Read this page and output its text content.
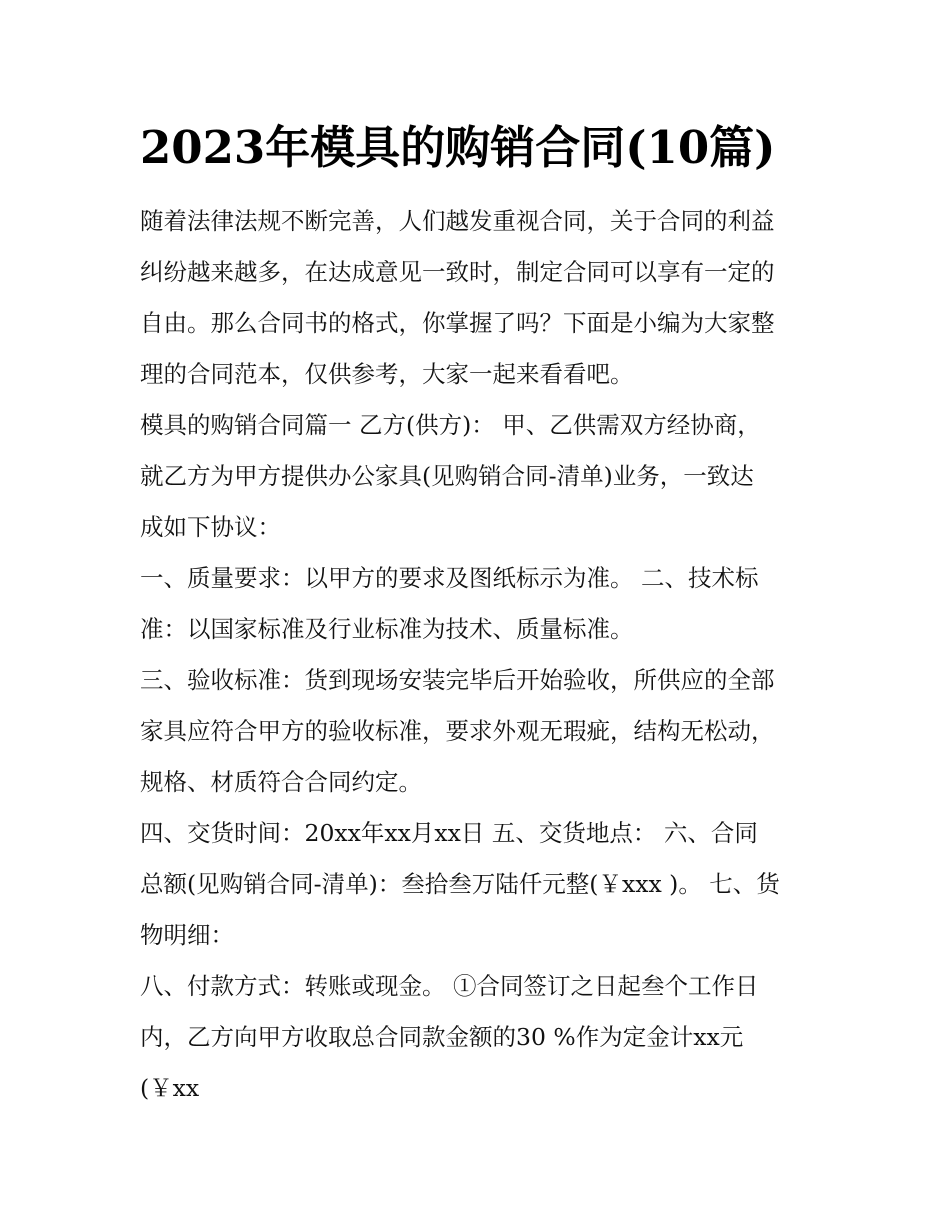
2023年模具的购销合同(10篇)

随着法律法规不断完善，人们越发重视合同，关于合同的利益
纠纷越来越多，在达成意见一致时，制定合同可以享有一定的
自由。那么合同书的格式，你掌握了吗？下面是小编为大家整
理的合同范本，仅供参考，大家一起来看看吧。

模具的购销合同篇一 乙方(供方)： 甲、乙供需双方经协商，
就乙方为甲方提供办公家具(见购销合同-清单)业务，一致达
成如下协议：

一、质量要求：以甲方的要求及图纸标示为准。 二、技术标
准：以国家标准及行业标准为技术、质量标准。

三、验收标准：货到现场安装完毕后开始验收，所供应的全部
家具应符合甲方的验收标准，要求外观无瑕疵，结构无松动，
规格、材质符合合同约定。

四、交货时间：20xx年xx月xx日 五、交货地点： 六、合同
总额(见购销合同-清单)：叁拾叁万陆仟元整(￥xxx )。 七、货
物明细：

八、付款方式：转账或现金。 ①合同签订之日起叁个工作日
内，乙方向甲方收取总合同款金额的30 %作为定金计xx元
(￥xx
